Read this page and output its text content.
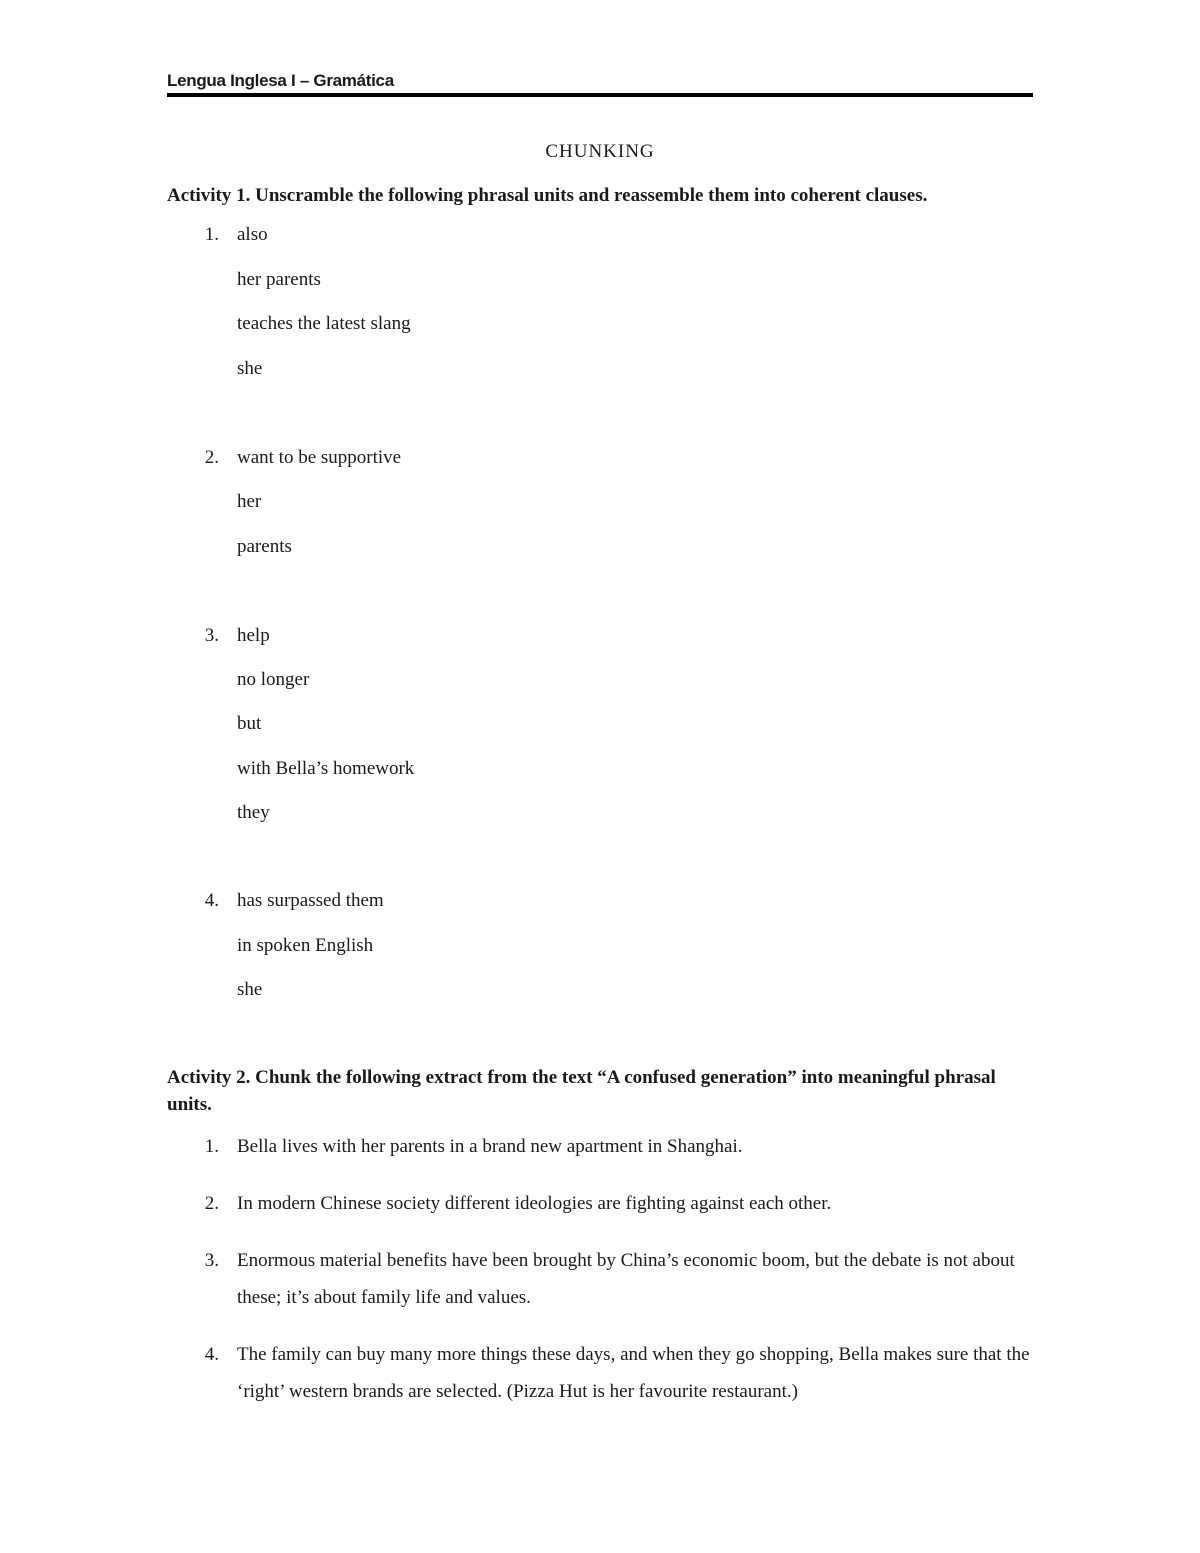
Lengua Inglesa I – Gramática
CHUNKING
Activity 1. Unscramble the following phrasal units and reassemble them into coherent clauses.
1. also
her parents
teaches the latest slang
she
2. want to be supportive
her
parents
3. help
no longer
but
with Bella’s homework
they
4. has surpassed them
in spoken English
she
Activity 2. Chunk the following extract from the text “A confused generation” into meaningful phrasal units.
1. Bella lives with her parents in a brand new apartment in Shanghai.
2. In modern Chinese society different ideologies are fighting against each other.
3. Enormous material benefits have been brought by China’s economic boom, but the debate is not about these; it’s about family life and values.
4. The family can buy many more things these days, and when they go shopping, Bella makes sure that the ‘right’ western brands are selected. (Pizza Hut is her favourite restaurant.)
